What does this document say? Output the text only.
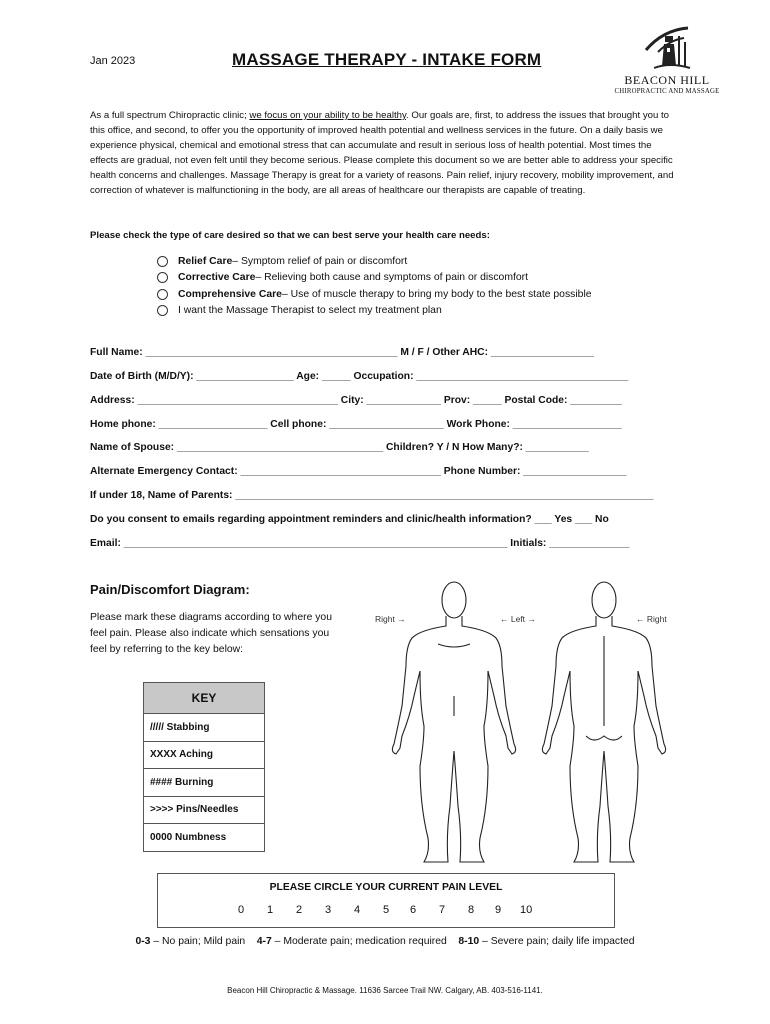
Jan 2023	MASSAGE THERAPY - INTAKE FORM
BEACON HILL
CHIROPRACTIC AND MASSAGE
As a full spectrum Chiropractic clinic; we focus on your ability to be healthy. Our goals are, first, to address the issues that brought you to this office, and second, to offer you the opportunity of improved health potential and wellness services in the future. On a daily basis we experience physical, chemical and emotional stress that can accumulate and result in serious loss of health potential. Most times the effects are gradual, not even felt until they become serious. Please complete this document so we are better able to address your specific health concerns and challenges. Massage Therapy is great for a variety of reasons. Pain relief, injury recovery, mobility improvement, and correction of whatever is malfunctioning in the body, are all areas of healthcare our therapists are capable of treating.
Please check the type of care desired so that we can best serve your health care needs:
Relief Care – Symptom relief of pain or discomfort
Corrective Care – Relieving both cause and symptoms of pain or discomfort
Comprehensive Care – Use of muscle therapy to bring my body to the best state possible
I want the Massage Therapist to select my treatment plan
Full Name: ____________________________________________ M / F / Other AHC: __________________
Date of Birth (M/D/Y): _________________ Age: _____ Occupation: _____________________________________
Address: ___________________________________ City: _____________ Prov: _____ Postal Code: _________
Home phone: ___________________ Cell phone: ____________________ Work Phone: ___________________
Name of Spouse: ____________________________________ Children? Y / N How Many?: ___________
Alternate Emergency Contact: ___________________________________ Phone Number: __________________
If under 18, Name of Parents: _________________________________________________________________________
Do you consent to emails regarding appointment reminders and clinic/health information? ___ Yes ___ No
Email: ___________________________________________________________________ Initials: ______________
Pain/Discomfort Diagram:
Please mark these diagrams according to where you feel pain. Please also indicate which sensations you feel by referring to the key below:
KEY
///// Stabbing
XXXX Aching
#### Burning
>>>> Pins/Needles
0000 Numbness
Right →	← Left →	← Right
PLEASE CIRCLE YOUR CURRENT PAIN LEVEL
0 1 2 3 4 5 6 7 8 9 10
0-3 – No pain; Mild pain 4-7 – Moderate pain; medication required 8-10 – Severe pain; daily life impacted
Beacon Hill Chiropractic & Massage. 11636 Sarcee Trail NW. Calgary, AB. 403-516-1141.
